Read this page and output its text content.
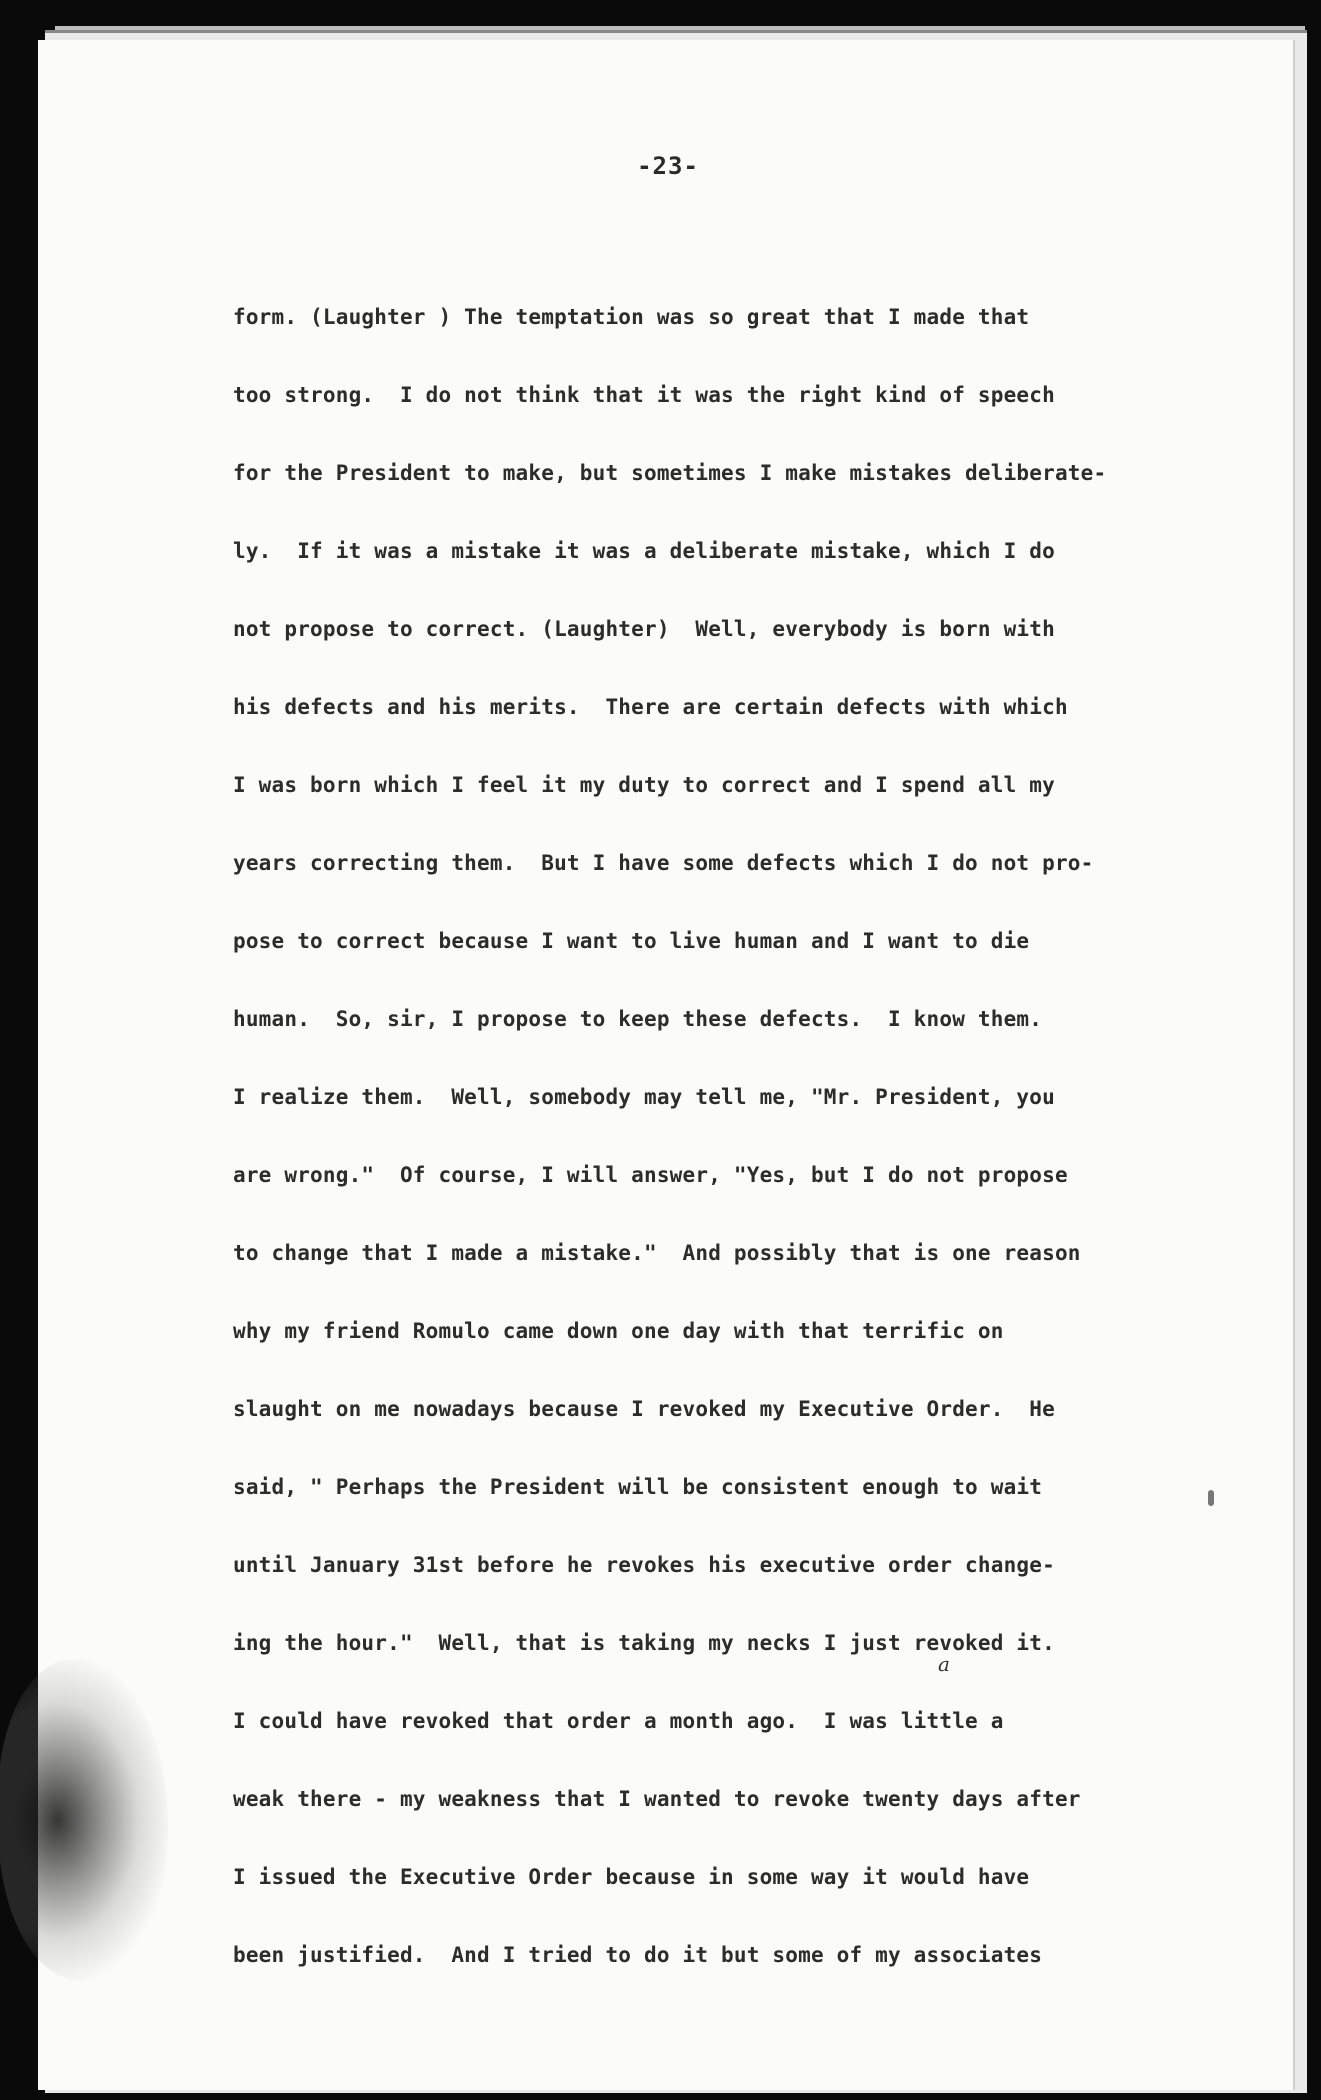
-23-
form. (Laughter ) The temptation was so great that I made that
too strong.  I do not think that it was the right kind of speech
for the President to make, but sometimes I make mistakes deliberate-
ly.  If it was a mistake it was a deliberate mistake, which I do
not propose to correct. (Laughter)  Well, everybody is born with
his defects and his merits.  There are certain defects with which
I was born which I feel it my duty to correct and I spend all my
years correcting them.  But I have some defects which I do not pro-
pose to correct because I want to live human and I want to die
human.  So, sir, I propose to keep these defects.  I know them.
I realize them.  Well, somebody may tell me, "Mr. President, you
are wrong."  Of course, I will answer, "Yes, but I do not propose
to change that I made a mistake."  And possibly that is one reason
why my friend Romulo came down one day with that terrific on
slaught on me nowadays because I revoked my Executive Order.  He
said, " Perhaps the President will be consistent enough to wait
until January 31st before he revokes his executive order change-
ing the hour."  Well, that is taking my necks I just revoked it.
I could have revoked that order a month ago.  I was little a
weak there - my weakness that I wanted to revoke twenty days after
I issued the Executive Order because in some way it would have
been justified.  And I tried to do it but some of my associates
a
